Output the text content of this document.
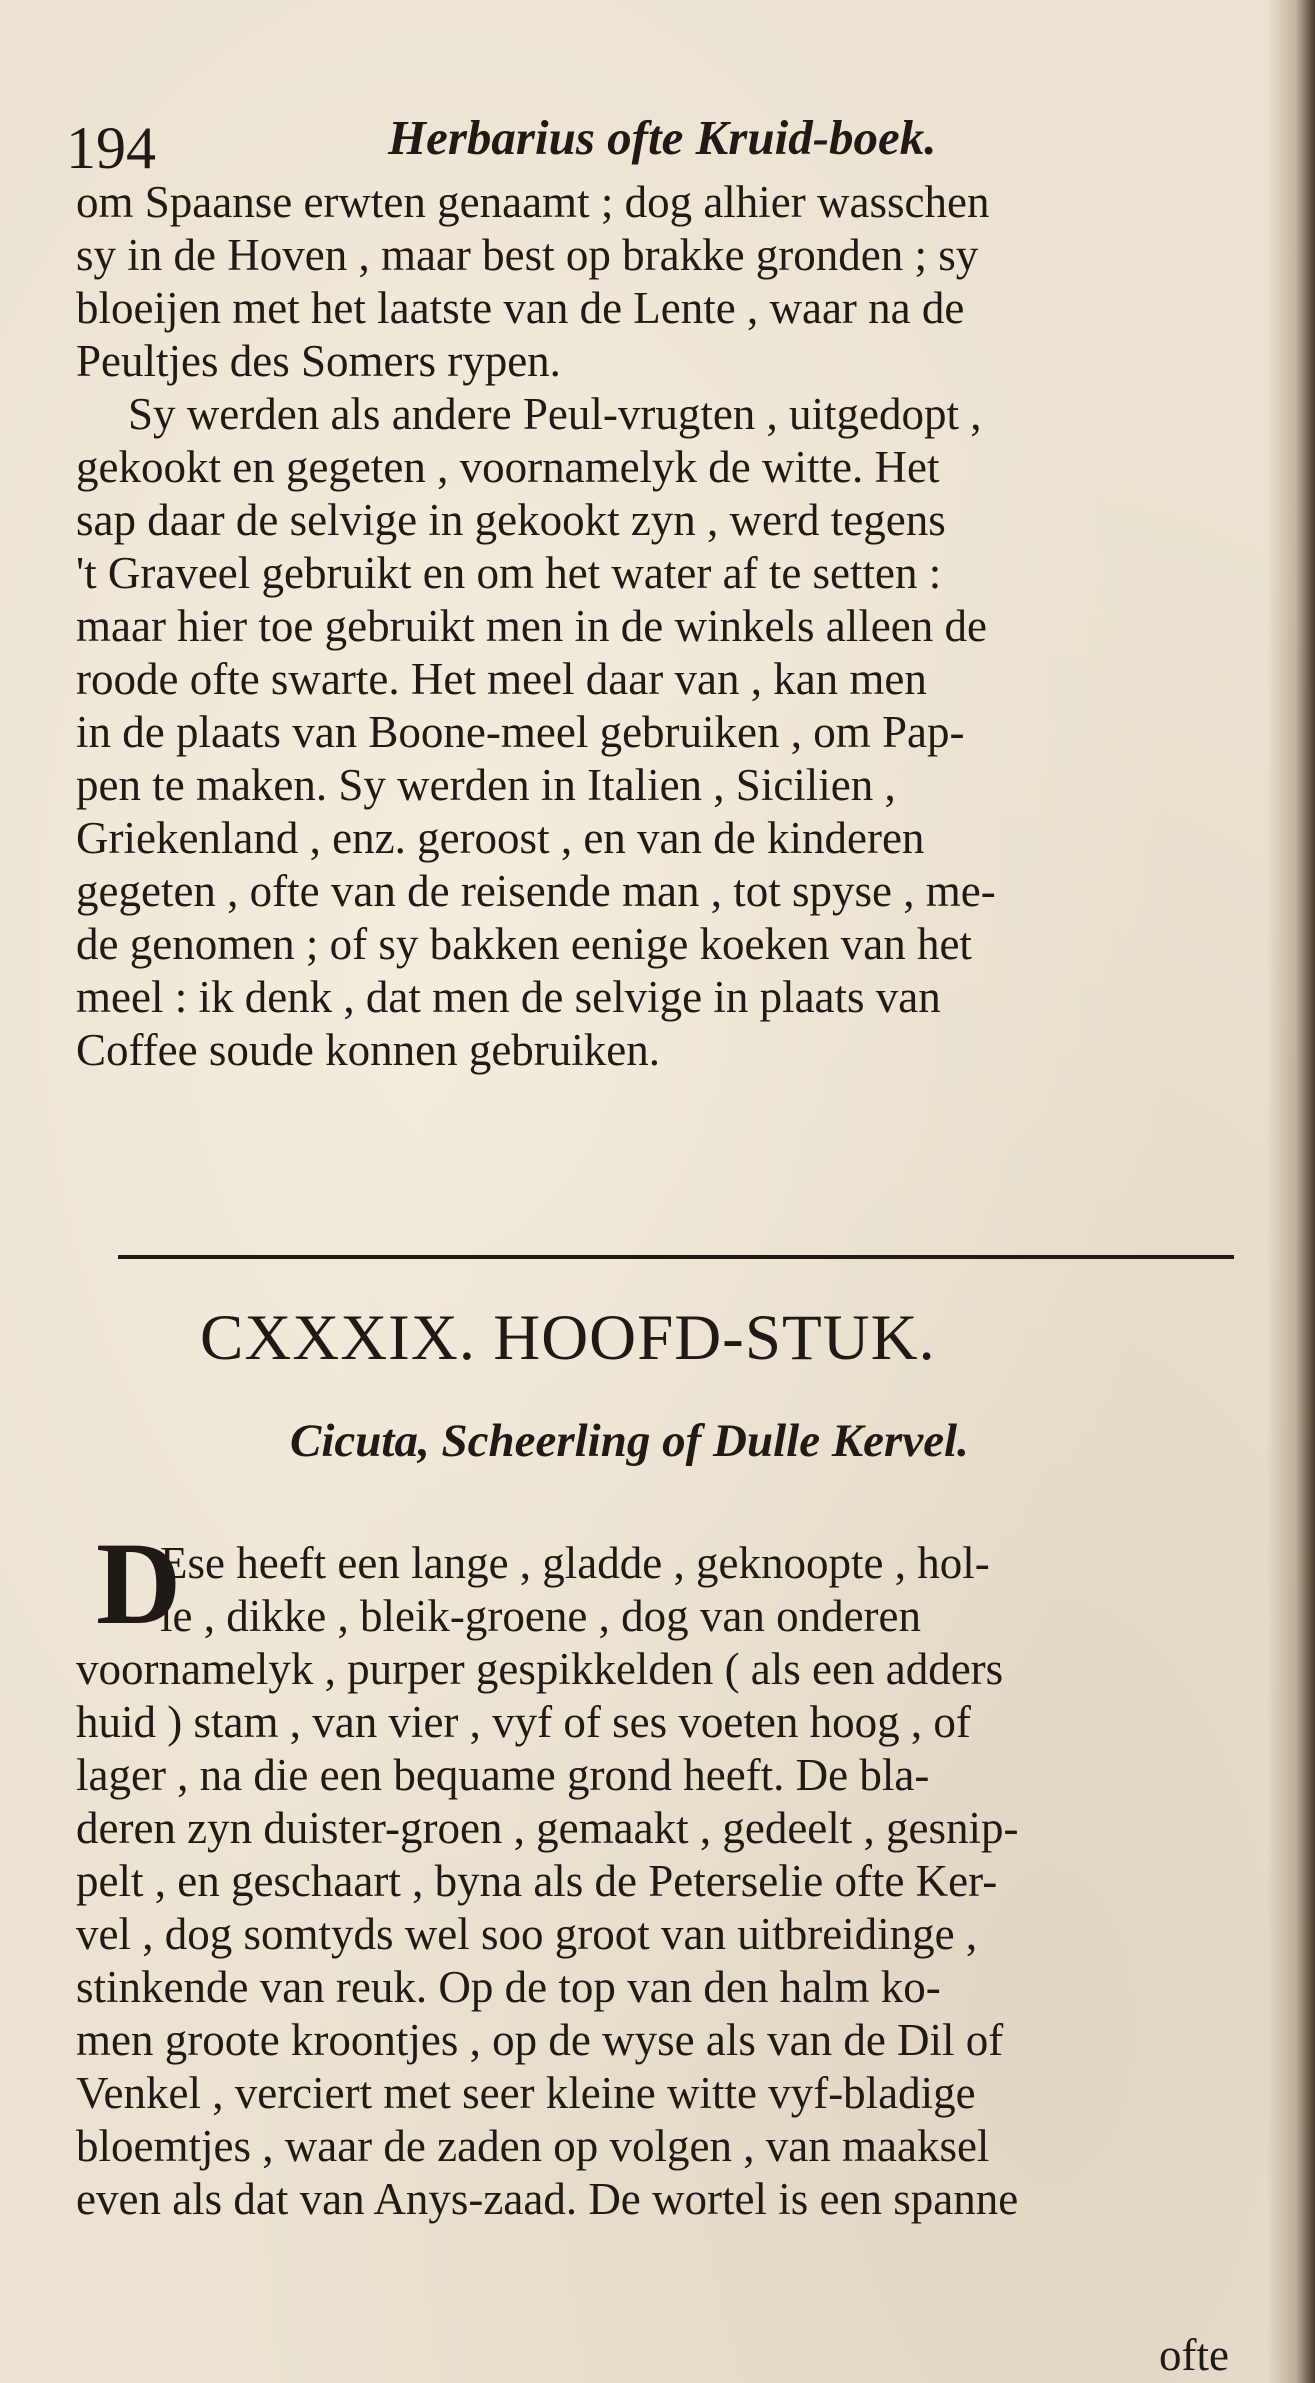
194	Herbarius ofte Kruid-boek.
om Spaanse erwten genaamt ; dog alhier wasschen
sy in de Hoven , maar best op brakke gronden ; sy
bloeijen met het laatste van de Lente , waar na de
Peultjes des Somers rypen.
Sy werden als andere Peul-vrugten , uitgedopt ,
gekookt en gegeten , voornamelyk de witte. Het
sap daar de selvige in gekookt zyn , werd tegens
't Graveel gebruikt en om het water af te setten :
maar hier toe gebruikt men in de winkels alleen de
roode ofte swarte. Het meel daar van , kan men
in de plaats van Boone-meel gebruiken , om Pap-
pen te maken. Sy werden in Italien , Sicilien ,
Griekenland , enz. geroost , en van de kinderen
gegeten , ofte van de reisende man , tot spyse , me-
de genomen ; of sy bakken eenige koeken van het
meel : ik denk , dat men de selvige in plaats van
Coffee soude konnen gebruiken.
CXXXIX. HOOFD-STUK.
Cicuta, Scheerling of Dulle Kervel.
D
Ese heeft een lange , gladde , geknoopte , hol-
le , dikke , bleik-groene , dog van onderen
voornamelyk , purper gespikkelden ( als een adders
huid ) stam , van vier , vyf of ses voeten hoog , of
lager , na die een bequame grond heeft. De bla-
deren zyn duister-groen , gemaakt , gedeelt , gesnip-
pelt , en geschaart , byna als de Peterselie ofte Ker-
vel , dog somtyds wel soo groot van uitbreidinge ,
stinkende van reuk. Op de top van den halm ko-
men groote kroontjes , op de wyse als van de Dil of
Venkel , verciert met seer kleine witte vyf-bladige
bloemtjes , waar de zaden op volgen , van maaksel
even als dat van Anys-zaad. De wortel is een spanne
ofte
